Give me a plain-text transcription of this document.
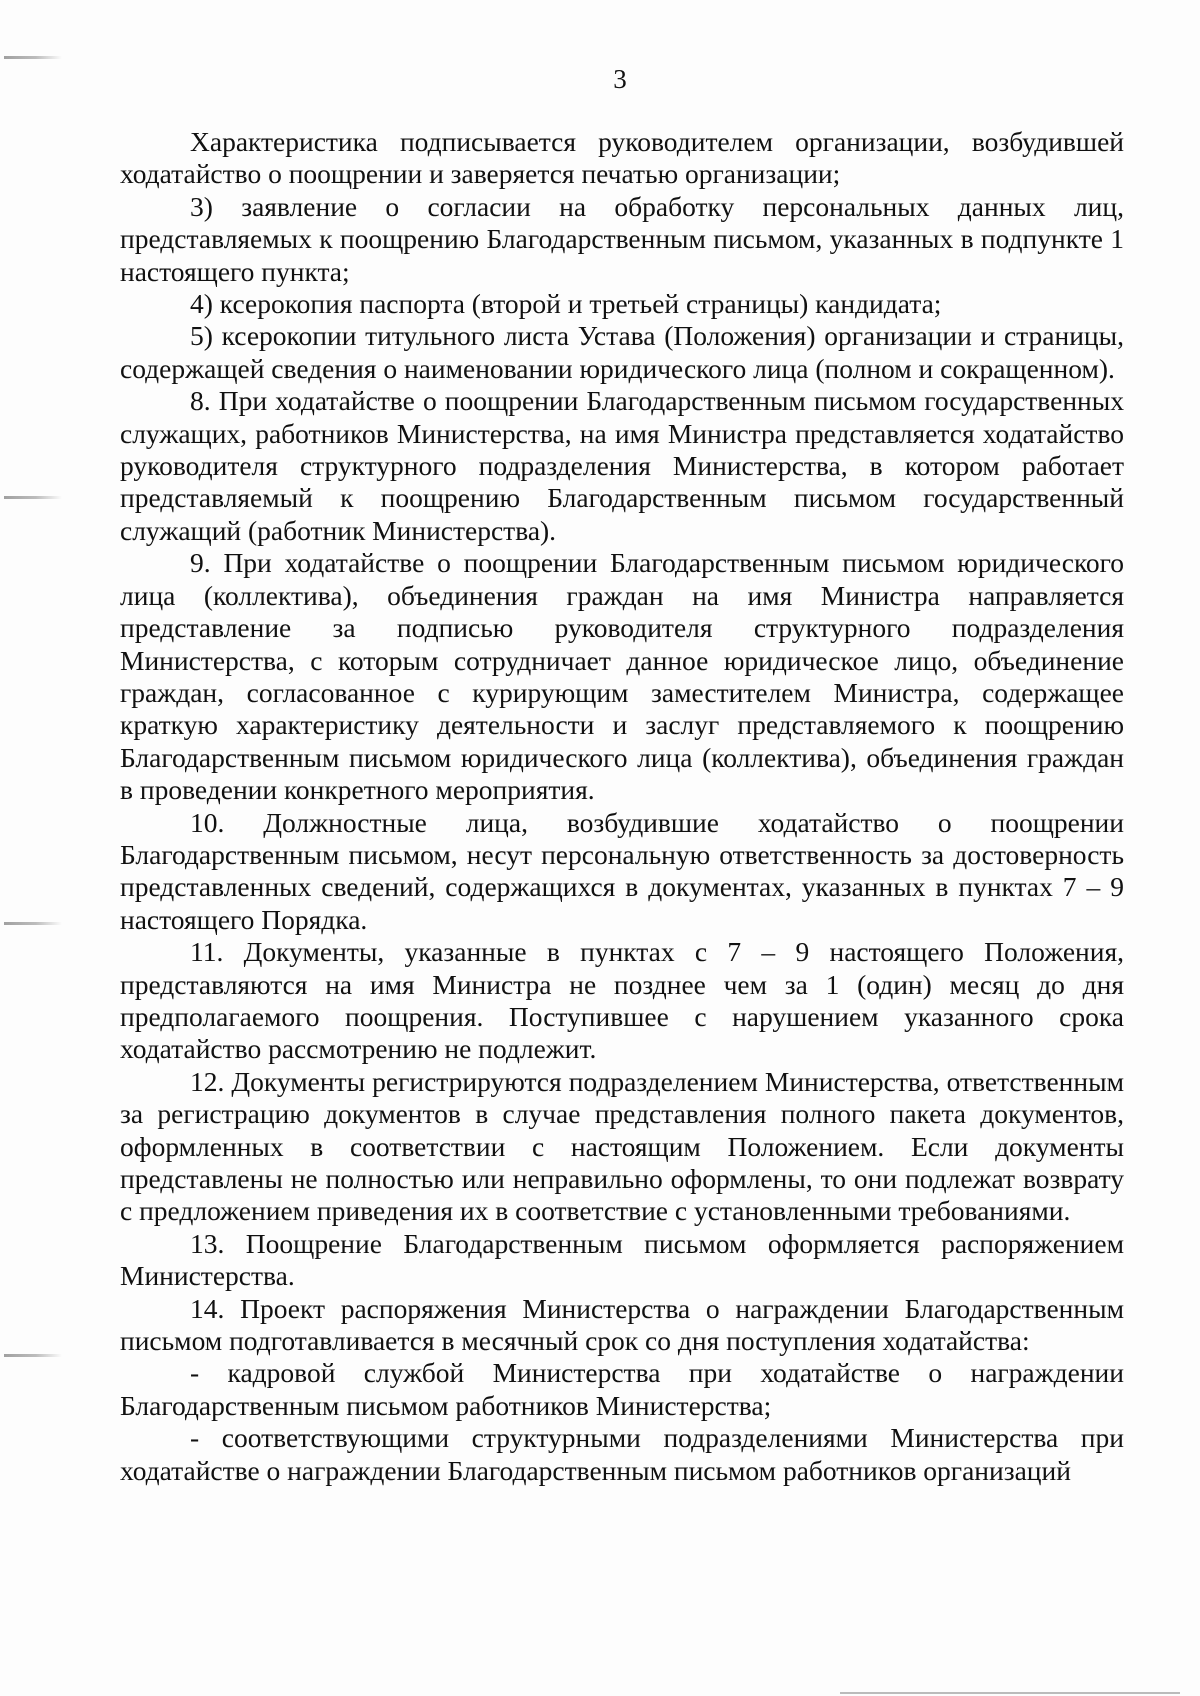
3

Характеристика подписывается руководителем организации, возбудившей ходатайство о поощрении и заверяется печатью организации;

3) заявление о согласии на обработку персональных данных лиц, представляемых к поощрению Благодарственным письмом, указанных в подпункте 1 настоящего пункта;

4) ксерокопия паспорта (второй и третьей страницы) кандидата;

5) ксерокопии титульного листа Устава (Положения) организации и страницы, содержащей сведения о наименовании юридического лица (полном и сокращенном).

8. При ходатайстве о поощрении Благодарственным письмом государственных служащих, работников Министерства, на имя Министра представляется ходатайство руководителя структурного подразделения Министерства, в котором работает представляемый к поощрению Благодарственным письмом государственный служащий (работник Министерства).

9. При ходатайстве о поощрении Благодарственным письмом юридического лица (коллектива), объединения граждан на имя Министра направляется представление за подписью руководителя структурного подразделения Министерства, с которым сотрудничает данное юридическое лицо, объединение граждан, согласованное с курирующим заместителем Министра, содержащее краткую характеристику деятельности и заслуг представляемого к поощрению Благодарственным письмом юридического лица (коллектива), объединения граждан в проведении конкретного мероприятия.

10. Должностные лица, возбудившие ходатайство о поощрении Благодарственным письмом, несут персональную ответственность за достоверность представленных сведений, содержащихся в документах, указанных в пунктах 7 – 9 настоящего Порядка.

11. Документы, указанные в пунктах с 7 – 9 настоящего Положения, представляются на имя Министра не позднее чем за 1 (один) месяц до дня предполагаемого поощрения. Поступившее с нарушением указанного срока ходатайство рассмотрению не подлежит.

12. Документы регистрируются подразделением Министерства, ответственным за регистрацию документов в случае представления полного пакета документов, оформленных в соответствии с настоящим Положением. Если документы представлены не полностью или неправильно оформлены, то они подлежат возврату с предложением приведения их в соответствие с установленными требованиями.

13. Поощрение Благодарственным письмом оформляется распоряжением Министерства.

14. Проект распоряжения Министерства о награждении Благодарственным письмом подготавливается в месячный срок со дня поступления ходатайства:

- кадровой службой Министерства при ходатайстве о награждении Благодарственным письмом работников Министерства;

- соответствующими структурными подразделениями Министерства при ходатайстве о награждении Благодарственным письмом работников организаций
